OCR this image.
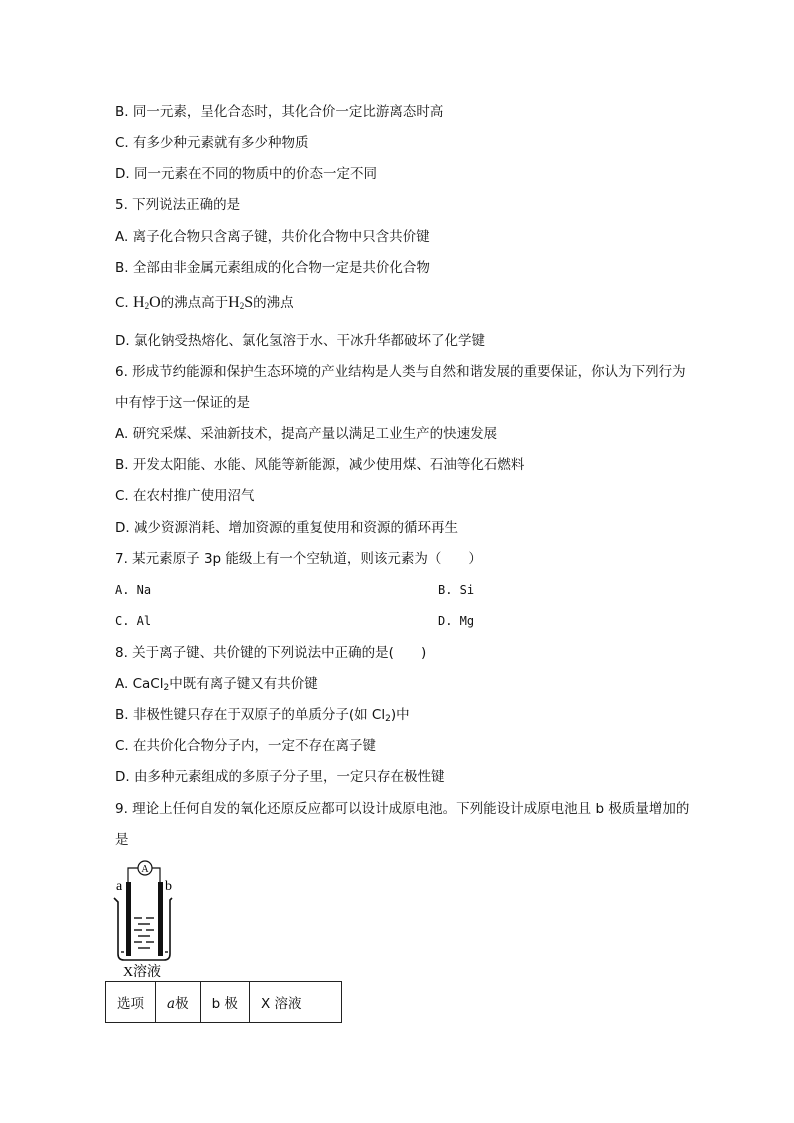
B. 同一元素，呈化合态时，其化合价一定比游离态时高
C. 有多少种元素就有多少种物质
D. 同一元素在不同的物质中的价态一定不同
5. 下列说法正确的是
A. 离子化合物只含离子键，共价化合物中只含共价键
B. 全部由非金属元素组成的化合物一定是共价化合物
C. $H_2O$的沸点高于$H_2S$的沸点
D. 氯化钠受热熔化、氯化氢溶于水、干冰升华都破坏了化学键
6. 形成节约能源和保护生态环境的产业结构是人类与自然和谐发展的重要保证，你认为下列行为
中有悖于这一保证的是
A. 研究采煤、采油新技术，提高产量以满足工业生产的快速发展
B. 开发太阳能、水能、风能等新能源，减少使用煤、石油等化石燃料
C. 在农村推广使用沼气
D. 减少资源消耗、增加资源的重复使用和资源的循环再生
7. 某元素原子 3p 能级上有一个空轨道，则该元素为（　　）
A. Na	B. Si
C. Al	D. Mg
8. 关于离子键、共价键的下列说法中正确的是(　　)
A. CaCl$_2$中既有离子键又有共价键
B. 非极性键只存在于双原子的单质分子(如 $Cl_2$)中
C. 在共价化合物分子内，一定不存在离子键
D. 由多种元素组成的多原子分子里，一定只存在极性键
9. 理论上任何自发的氧化还原反应都可以设计成原电池。下列能设计成原电池且 b 极质量增加的
是
A
a	b
X溶液
选项	a极	b 极	X 溶液
